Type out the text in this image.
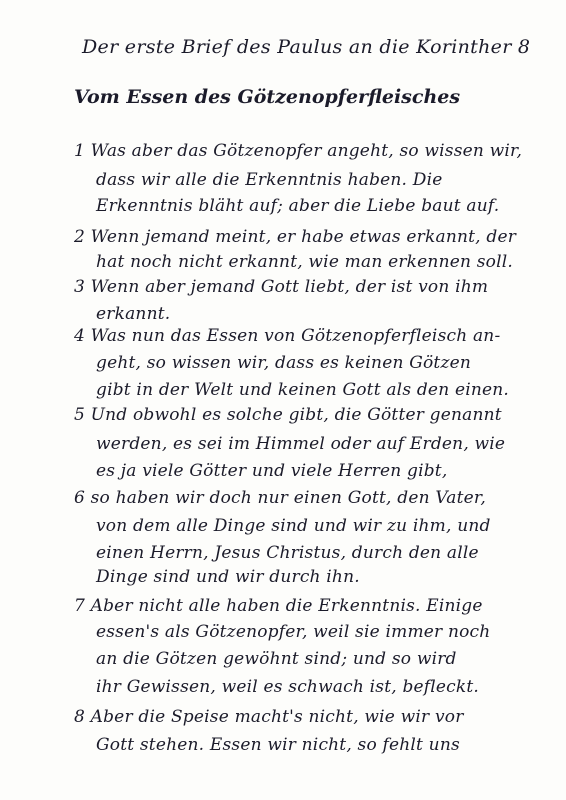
Der erste Brief des Paulus an die Korinther 8
Vom Essen des Götzenopferfleisches

1 Was aber das Götzenopfer angeht, so wissen wir,

dass wir alle die Erkenntnis haben. Die

Erkenntnis bläht auf; aber die Liebe baut auf.

2 Wenn jemand meint, er habe etwas erkannt, der

hat noch nicht erkannt, wie man erkennen soll.

3 Wenn aber jemand Gott liebt, der ist von ihm

erkannt.

4 Was nun das Essen von Götzenopferfleisch an-

geht, so wissen wir, dass es keinen Götzen

gibt in der Welt und keinen Gott als den einen.

5 Und obwohl es solche gibt, die Götter genannt

werden, es sei im Himmel oder auf Erden, wie

es ja viele Götter und viele Herren gibt,

6 so haben wir doch nur einen Gott, den Vater,

von dem alle Dinge sind und wir zu ihm, und

einen Herrn, Jesus Christus, durch den alle

Dinge sind und wir durch ihn.

7 Aber nicht alle haben die Erkenntnis. Einige

essen's als Götzenopfer, weil sie immer noch

an die Götzen gewöhnt sind; und so wird

ihr Gewissen, weil es schwach ist, befleckt.

8 Aber die Speise macht's nicht, wie wir vor

Gott stehen. Essen wir nicht, so fehlt uns
